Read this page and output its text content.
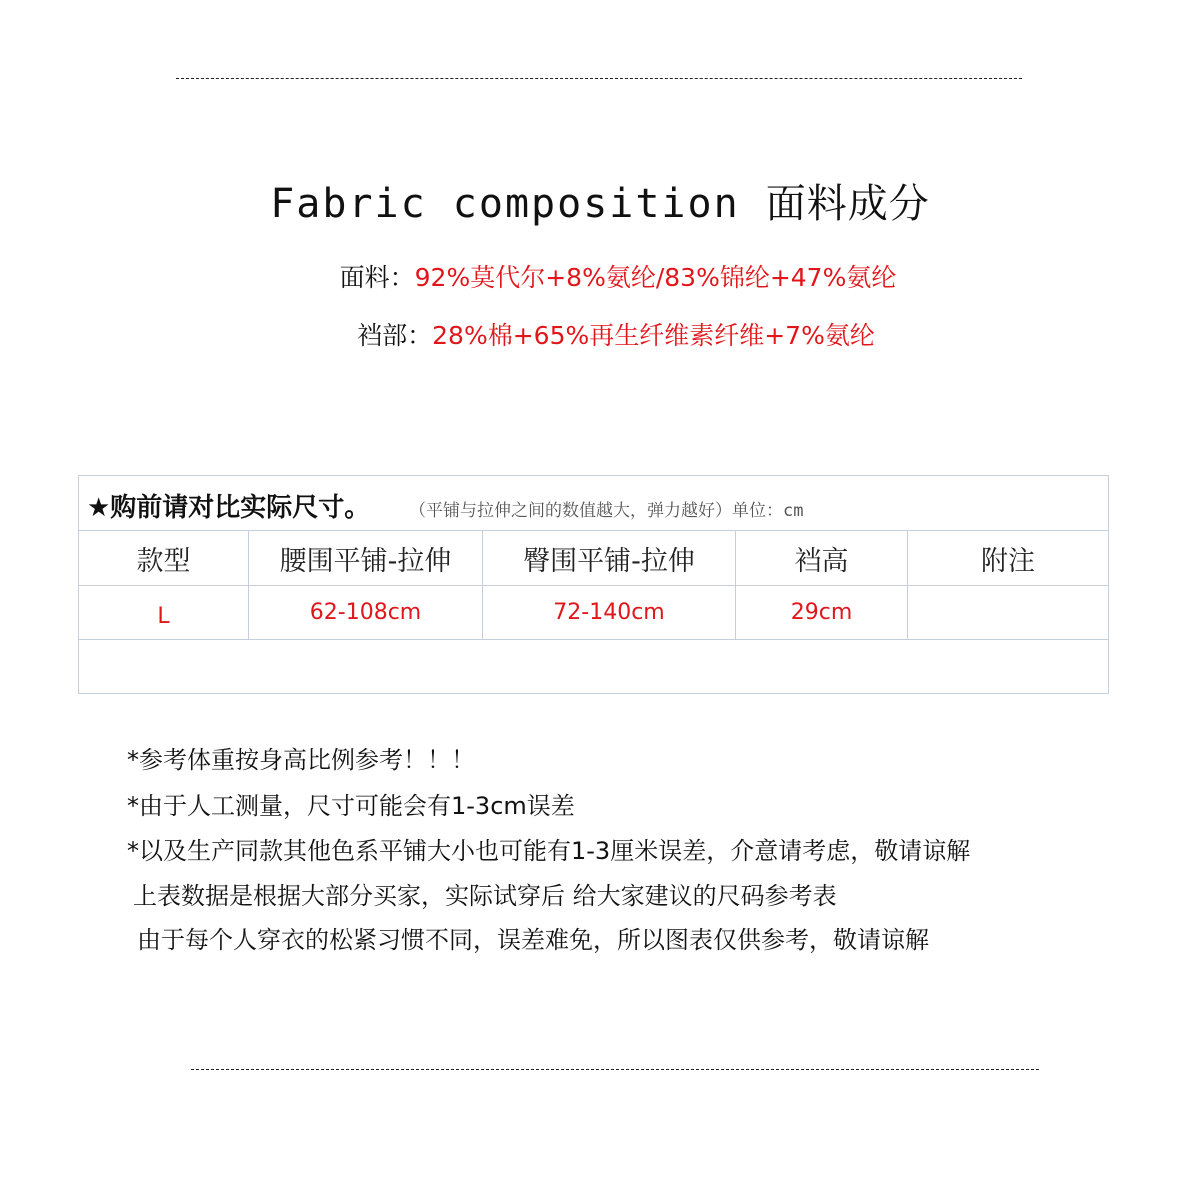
Fabric composition 面料成分
面料：92%莫代尔+8%氨纶/83%锦纶+47%氨纶
裆部：28%棉+65%再生纤维素纤维+7%氨纶
★购前请对比实际尺寸。 （平铺与拉伸之间的数值越大，弹力越好）单位：cm
款型	腰围平铺-拉伸	臀围平铺-拉伸	裆高	附注
L	62-108cm	72-140cm	29cm
*参考体重按身高比例参考！！！
*由于人工测量，尺寸可能会有1-3cm误差
*以及生产同款其他色系平铺大小也可能有1-3厘米误差，介意请考虑，敬请谅解
上表数据是根据大部分买家，实际试穿后 给大家建议的尺码参考表
由于每个人穿衣的松紧习惯不同，误差难免，所以图表仅供参考，敬请谅解
